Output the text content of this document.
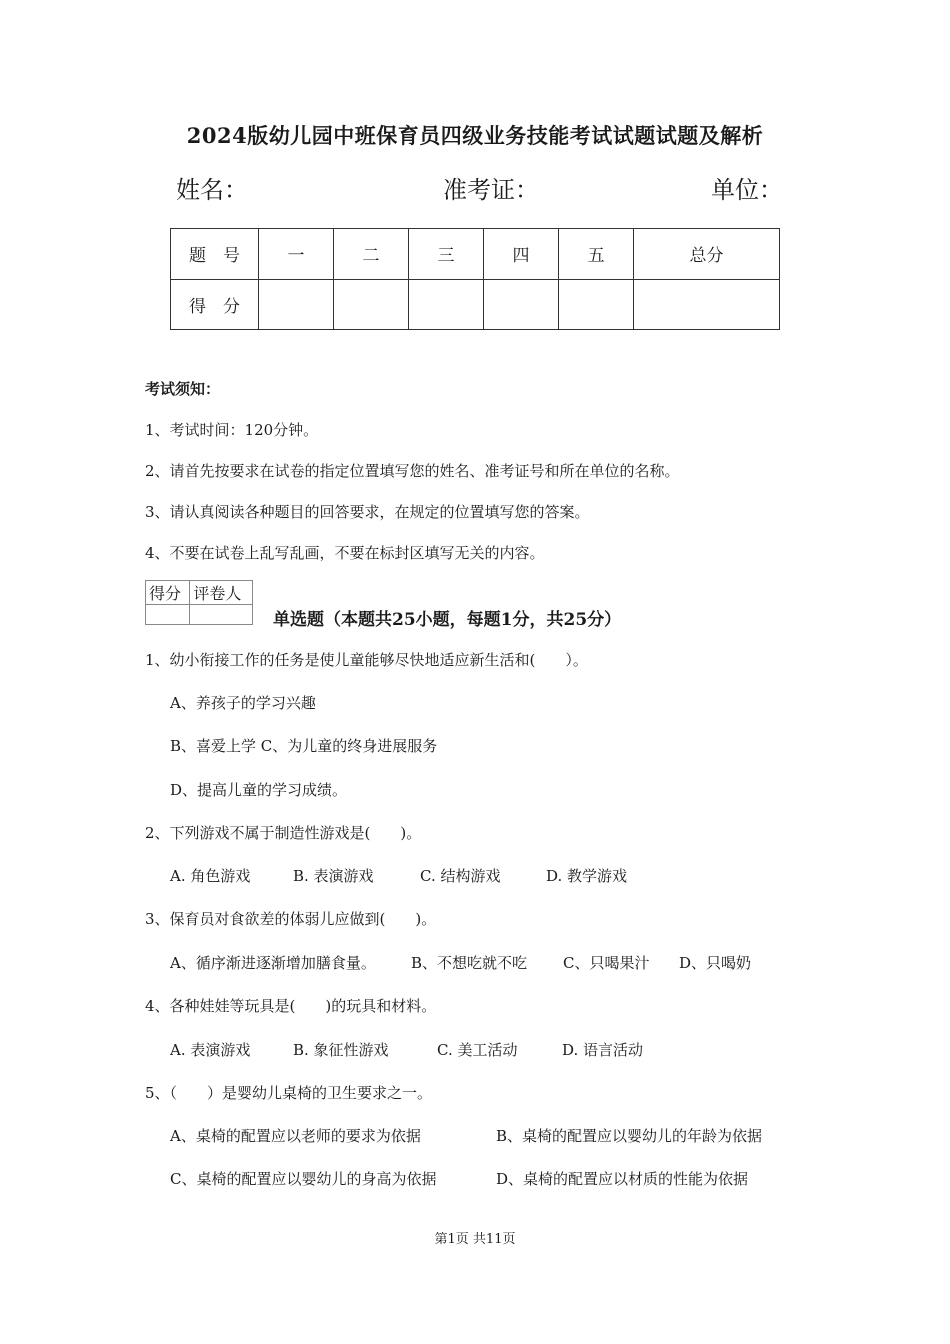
2024版幼儿园中班保育员四级业务技能考试试题试题及解析
姓名：	准考证：	单位：
题　号	一	二	三	四	五	总分
得　分						
考试须知：
1、考试时间：120分钟。
2、请首先按要求在试卷的指定位置填写您的姓名、准考证号和所在单位的名称。
3、请认真阅读各种题目的回答要求，在规定的位置填写您的答案。
4、不要在试卷上乱写乱画，不要在标封区填写无关的内容。
得分	评卷人

单选题（本题共25小题，每题1分，共25分）
1、幼小衔接工作的任务是使儿童能够尽快地适应新生活和(　　）。
A、养孩子的学习兴趣
B、喜爱上学 C、为儿童的终身进展服务
D、提高儿童的学习成绩。
2、下列游戏不属于制造性游戏是(　　)。
A. 角色游戏	B. 表演游戏	C. 结构游戏	D. 教学游戏
3、保育员对食欲差的体弱儿应做到(　　)。
A、循序渐进逐渐增加膳食量。 B、不想吃就不吃 C、只喝果汁 D、只喝奶
4、各种娃娃等玩具是(　　)的玩具和材料。
A. 表演游戏	B. 象征性游戏	C. 美工活动	D. 语言活动
5、（　　）是婴幼儿桌椅的卫生要求之一。
A、桌椅的配置应以老师的要求为依据	B、桌椅的配置应以婴幼儿的年龄为依据
C、桌椅的配置应以婴幼儿的身高为依据	D、桌椅的配置应以材质的性能为依据
第1页 共11页
